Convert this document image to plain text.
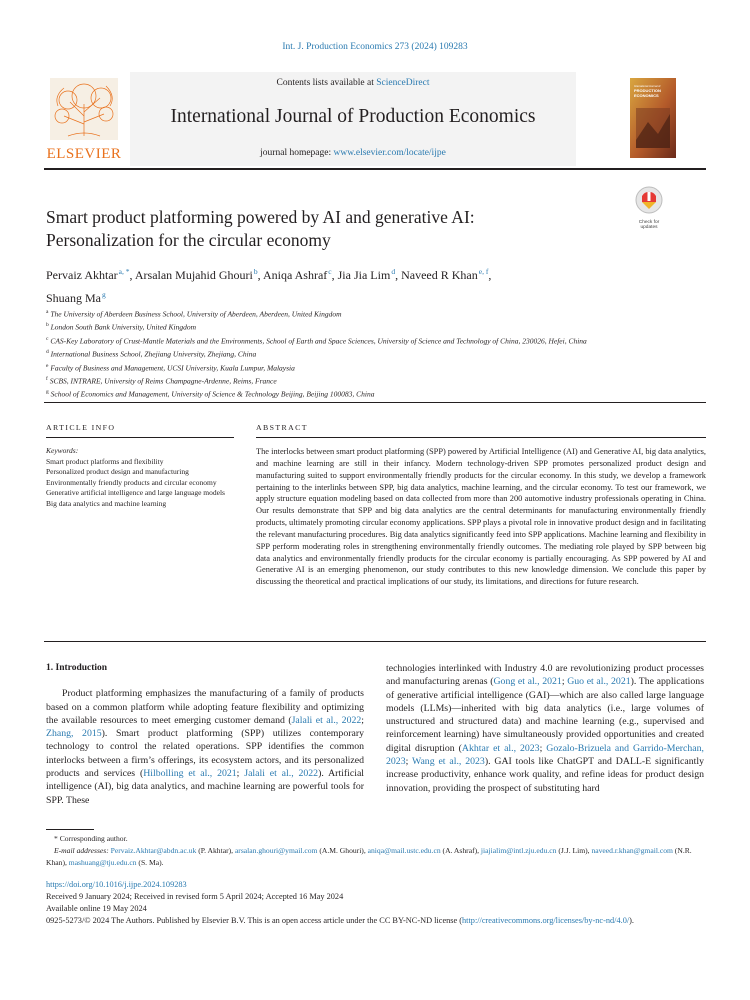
Int. J. Production Economics 273 (2024) 109283
ELSEVIER
Contents lists available at ScienceDirect
International Journal of Production Economics
journal homepage: www.elsevier.com/locate/ijpe
International Journal of
PRODUCTION
ECONOMICS
Check for
updates
Smart product platforming powered by AI and generative AI:
Personalization for the circular economy
Pervaiz Akhtar $^{a, *}$, Arsalan Mujahid Ghouri $^b$, Aniqa Ashraf $^c$, Jia Jia Lim $^d$, Naveed R Khan $^{e, f}$,
Shuang Ma $^g$
$^a$ The University of Aberdeen Business School, University of Aberdeen, Aberdeen, United Kingdom
$^b$ London South Bank University, United Kingdom
$^c$ CAS-Key Laboratory of Crust-Mantle Materials and the Environments, School of Earth and Space Sciences, University of Science and Technology of China, 230026, Hefei, China
$^d$ International Business School, Zhejiang University, Zhejiang, China
$^e$ Faculty of Business and Management, UCSI University, Kuala Lumpur, Malaysia
$^f$ SCBS, INTRARE, University of Reims Champagne-Ardenne, Reims, France
$^g$ School of Economics and Management, University of Science & Technology Beijing, Beijing 100083, China
ARTICLE INFO	ABSTRACT
Keywords:
Smart product platforms and flexibility
Personalized product design and manufacturing
Environmentally friendly products and circular economy
Generative artificial intelligence and large language models
Big data analytics and machine learning
The interlocks between smart product platforming (SPP) powered by Artificial Intelligence (AI) and Generative AI, big data analytics, and machine learning are still in their infancy. Modern technology-driven SPP promotes personalized product design and manufacturing suited to support environmentally friendly products for the circular economy. In this study, we develop a framework pertaining to the interlinks between SPP, big data analytics, machine learning, and the circular economy. To test our framework, we apply structure equation modeling based on data collected from more than 200 automotive industry professionals operating in China. Our results demonstrate that SPP and big data analytics are the central determinants for manufacturing environmentally friendly products, ultimately promoting circular economy applications. SPP plays a pivotal role in innovative product design and in facilitating the relevant manufacturing procedures. Big data analytics significantly feed into SPP applications. Machine learning and flexibility in SPP perform moderating roles in strengthening environmentally friendly outcomes. The mediating role played by SPP between big data analytics and environmentally friendly products for the circular economy is partially encouraging. As SPP powered by AI and Generative AI is an emerging phenomenon, our study contributes to this new knowledge dimension. We conclude this paper by discussing the theoretical and practical implications of our study, its limitations, and directions for future research.
1. Introduction

Product platforming emphasizes the manufacturing of a family of products based on a common platform while adopting feature flexibility and optimizing the available resources to meet emerging customer demand (Jalali et al., 2022; Zhang, 2015). Smart product platforming (SPP) utilizes contemporary technology to control the related operations. SPP identifies the common interlocks between a firm’s offerings, its ecosystem actors, and its personalized products and services (Hilbolling et al., 2021; Jalali et al., 2022). Artificial intelligence (AI), big data analytics, and machine learning are powerful tools for SPP. These

technologies interlinked with Industry 4.0 are revolutionizing product processes and manufacturing arenas (Gong et al., 2021; Guo et al., 2021). The applications of generative artificial intelligence (GAI)—which are also called large language models (LLMs)—inherited with big data analytics (i.e., large volumes of unstructured and structured data) and machine learning (e.g., supervised and reinforcement learning) have simultaneously provided opportunities and created digital disruption (Akhtar et al., 2023; Gozalo-Brizuela and Garrido-Merchan, 2023; Wang et al., 2023). GAI tools like ChatGPT and DALL-E significantly increase productivity, enhance work quality, and refine ideas for product design innovation, providing the prospect of substituting hard

* Corresponding author.
E-mail addresses: Pervaiz.Akhtar@abdn.ac.uk (P. Akhtar), arsalan.ghouri@ymail.com (A.M. Ghouri), aniqa@mail.ustc.edu.cn (A. Ashraf), jiajialim@intl.zju.edu.cn (J.J. Lim), naveed.r.khan@gmail.com (N.R. Khan), mashuang@tju.edu.cn (S. Ma).
https://doi.org/10.1016/j.ijpe.2024.109283
Received 9 January 2024; Received in revised form 5 April 2024; Accepted 16 May 2024
Available online 19 May 2024
0925-5273/© 2024 The Authors. Published by Elsevier B.V. This is an open access article under the CC BY-NC-ND license (http://creativecommons.org/licenses/by-nc-nd/4.0/).
